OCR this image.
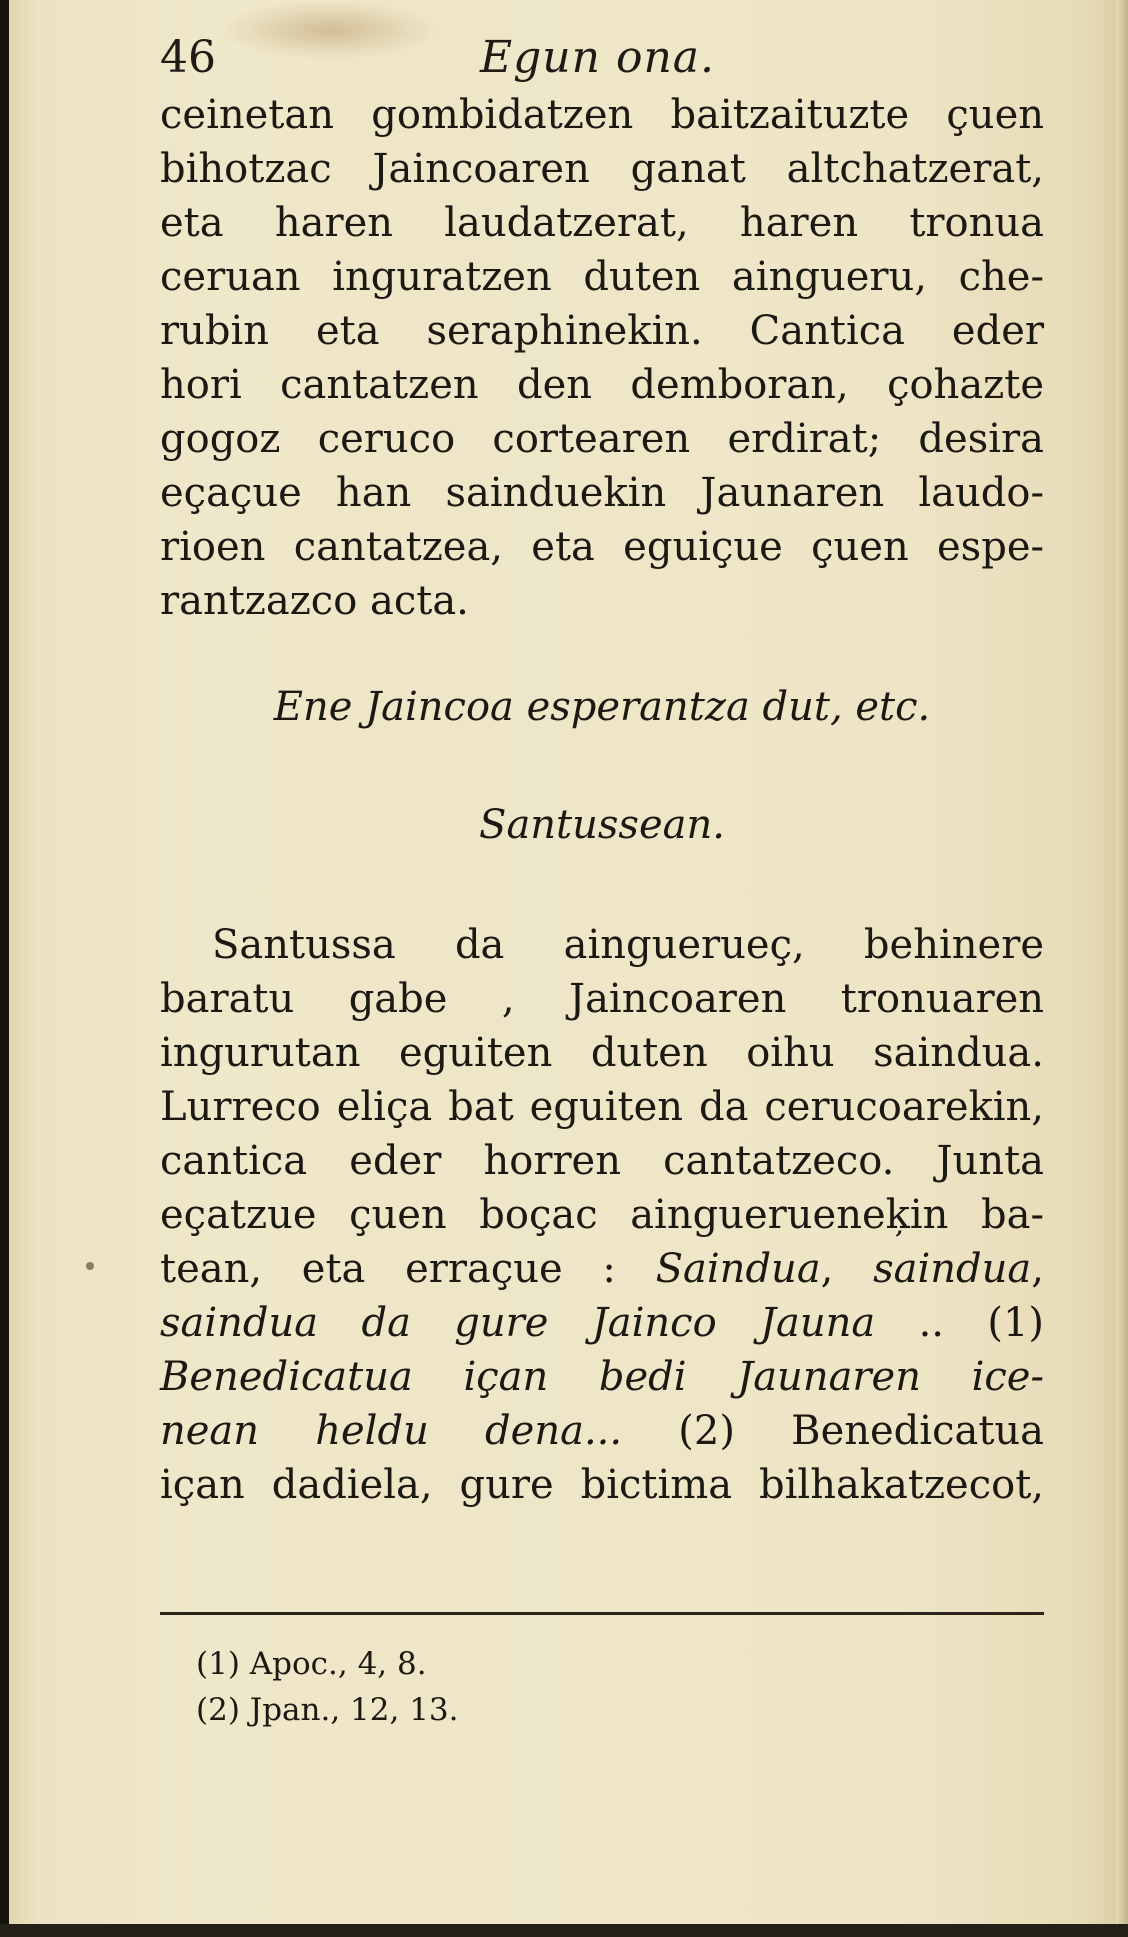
46	Egun ona.
ceinetan gombidatzen baitzaituzte çuen
bihotzac Jaincoaren ganat altchatzerat,
eta haren laudatzerat, haren tronua
ceruan inguratzen duten aingueru, che-
rubin eta seraphinekin. Cantica eder
hori cantatzen den demboran, çohazte
gogoz ceruco cortearen erdirat; desira
eçaçue han sainduekin Jaunaren laudo-
rioen cantatzea, eta eguiçue çuen espe-
rantzazco acta.
Ene Jaincoa esperantza dut, etc.
Santussean.
Santussa da ainguerueç, behinere
baratu gabe , Jaincoaren tronuaren
ingurutan eguiten duten oihu saindua.
Lurreco eliça bat eguiten da cerucoarekin,
cantica eder horren cantatzeco. Junta
eçatzue çuen boçac ainguerueneķin ba-
tean, eta erraçue : Saindua, saindua,
saindua da gure Jainco Jauna .. (1)
Benedicatua içan bedi Jaunaren ice-
nean heldu dena... (2) Benedicatua
içan dadiela, gure bictima bilhakatzecot,
(1) Apoc., 4, 8.
(2) Jpan., 12, 13.
